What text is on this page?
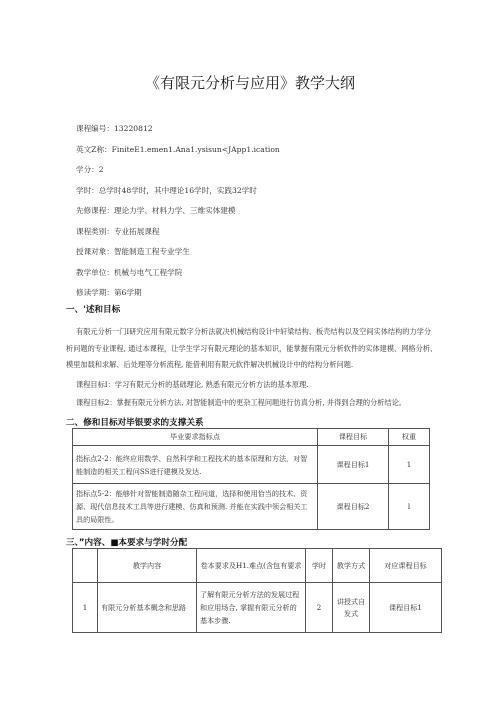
《有限元分析与应用》教学大纲
课程编号：13220812
英文Z称：FiniteE1.emen1.Ana1.ysisun<JApp1.ication
学分：2
学时：总学时48学时，其中理论16学时，实践32学时
先修课程：理论力学、材料力学、三维实体建模
课程类别：专业拓展课程
授课对象：智能制造工程专业学生
教学单位：机械与电气工程学院
修读学期：第6学期
一、'述和目标

有限元分析一门I研究应用有限元数字分析法就决机械结构设计中轩梁结构、板壳结构以及空间实体结构的力学分析问题的专业课程, 通过本课程，让学生学习有限元理论的基本知识，能掌握有限元分析软件的实体建模、网格分析、模里加载和求解、后处理等分析流程, 能借利用有限元软件解决机械设计中的结构分析问题.

课程目标I：学习有限元分析的基础理论, 熟悉有限元分析方法的基本原理.
课程目标2：掌握有限元分析方法, 对智能制造中的更杂工程问题进行仿真分析, 并得到合理的分析结论。
二、修和目标对毕银要求的支撑关系
毕业要求指标点	课程目标	权重
指标点2-2：能终应用数学、自然科学和工程技术的基本原理和方法，对智能制造的相关工程问SS进行建模及发达.	课程目标1	1
指标点5-2：能够针对智能制造随杂工程问道，选择和使用恰当的技术、资源、现代信息技术工具等进行建模、仿真和预测. 并能在实践中领会相关工具的局限性。	课程目标2	l
三、”内容、■本要求与学时分配
	教学内容	卷本要求及H1.难点(含包有要求	学时	教学方式	对应课程目标
1	有限元分析基本概念和思路	了解有限元分析方法的发展过程和应用场合, 掌握有限元分析的基本步骤.	2	讲授式自发式	课程目标1
